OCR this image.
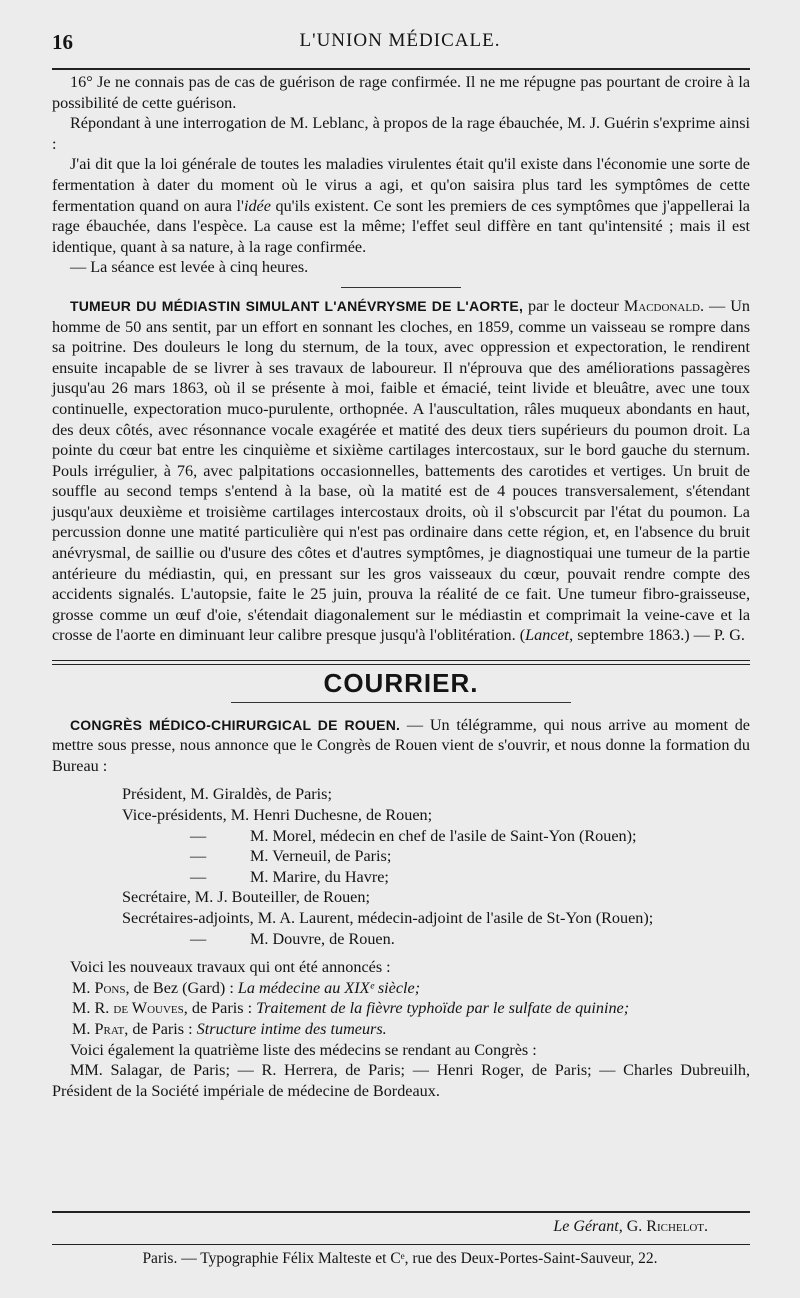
16	L'UNION MÉDICALE.

16° Je ne connais pas de cas de guérison de rage confirmée. Il ne me répugne pas pourtant de croire à la possibilité de cette guérison.

Répondant à une interrogation de M. Leblanc, à propos de la rage ébauchée, M. J. Guérin s'exprime ainsi :

J'ai dit que la loi générale de toutes les maladies virulentes était qu'il existe dans l'économie une sorte de fermentation à dater du moment où le virus a agi, et qu'on saisira plus tard les symptômes de cette fermentation quand on aura l'idée qu'ils existent. Ce sont les premiers de ces symptômes que j'appellerai la rage ébauchée, dans l'espèce. La cause est la même; l'effet seul diffère en tant qu'intensité ; mais il est identique, quant à sa nature, à la rage confirmée.

— La séance est levée à cinq heures.

TUMEUR DU MÉDIASTIN SIMULANT L'ANÉVRYSME DE L'AORTE, par le docteur Macdonald. — Un homme de 50 ans sentit, par un effort en sonnant les cloches, en 1859, comme un vaisseau se rompre dans sa poitrine. Des douleurs le long du sternum, de la toux, avec oppression et expectoration, le rendirent ensuite incapable de se livrer à ses travaux de laboureur. Il n'éprouva que des améliorations passagères jusqu'au 26 mars 1863, où il se présente à moi, faible et émacié, teint livide et bleuâtre, avec une toux continuelle, expectoration muco-purulente, orthopnée. A l'auscultation, râles muqueux abondants en haut, des deux côtés, avec résonnance vocale exagérée et matité des deux tiers supérieurs du poumon droit. La pointe du cœur bat entre les cinquième et sixième cartilages intercostaux, sur le bord gauche du sternum. Pouls irrégulier, à 76, avec palpitations occasionnelles, battements des carotides et vertiges. Un bruit de souffle au second temps s'entend à la base, où la matité est de 4 pouces transversalement, s'étendant jusqu'aux deuxième et troisième cartilages intercostaux droits, où il s'obscurcit par l'état du poumon. La percussion donne une matité particulière qui n'est pas ordinaire dans cette région, et, en l'absence du bruit anévrysmal, de saillie ou d'usure des côtes et d'autres symptômes, je diagnostiquai une tumeur de la partie antérieure du médiastin, qui, en pressant sur les gros vaisseaux du cœur, pouvait rendre compte des accidents signalés. L'autopsie, faite le 25 juin, prouva la réalité de ce fait. Une tumeur fibro-graisseuse, grosse comme un œuf d'oie, s'étendait diagonalement sur le médiastin et comprimait la veine-cave et la crosse de l'aorte en diminuant leur calibre presque jusqu'à l'oblitération. (Lancet, septembre 1863.) — P. G.

COURRIER.

CONGRÈS MÉDICO-CHIRURGICAL DE ROUEN. — Un télégramme, qui nous arrive au moment de mettre sous presse, nous annonce que le Congrès de Rouen vient de s'ouvrir, et nous donne la formation du Bureau :

Président, M. Giraldès, de Paris;
Vice-présidents, M. Henri Duchesne, de Rouen;
—	M. Morel, médecin en chef de l'asile de Saint-Yon (Rouen);
—	M. Verneuil, de Paris;
—	M. Marire, du Havre;
Secrétaire, M. J. Bouteiller, de Rouen;
Secrétaires-adjoints, M. A. Laurent, médecin-adjoint de l'asile de St-Yon (Rouen);
—	M. Douvre, de Rouen.

Voici les nouveaux travaux qui ont été annoncés :

M. Pons, de Bez (Gard) : La médecine au XIXᵉ siècle;

M. R. de Wouves, de Paris : Traitement de la fièvre typhoïde par le sulfate de quinine;

M. Prat, de Paris : Structure intime des tumeurs.

Voici également la quatrième liste des médecins se rendant au Congrès :

MM. Salagar, de Paris; — R. Herrera, de Paris; — Henri Roger, de Paris; — Charles Dubreuilh, Président de la Société impériale de médecine de Bordeaux.

Le Gérant, G. Richelot.
Paris. — Typographie Félix Malteste et Cᵉ, rue des Deux-Portes-Saint-Sauveur, 22.
